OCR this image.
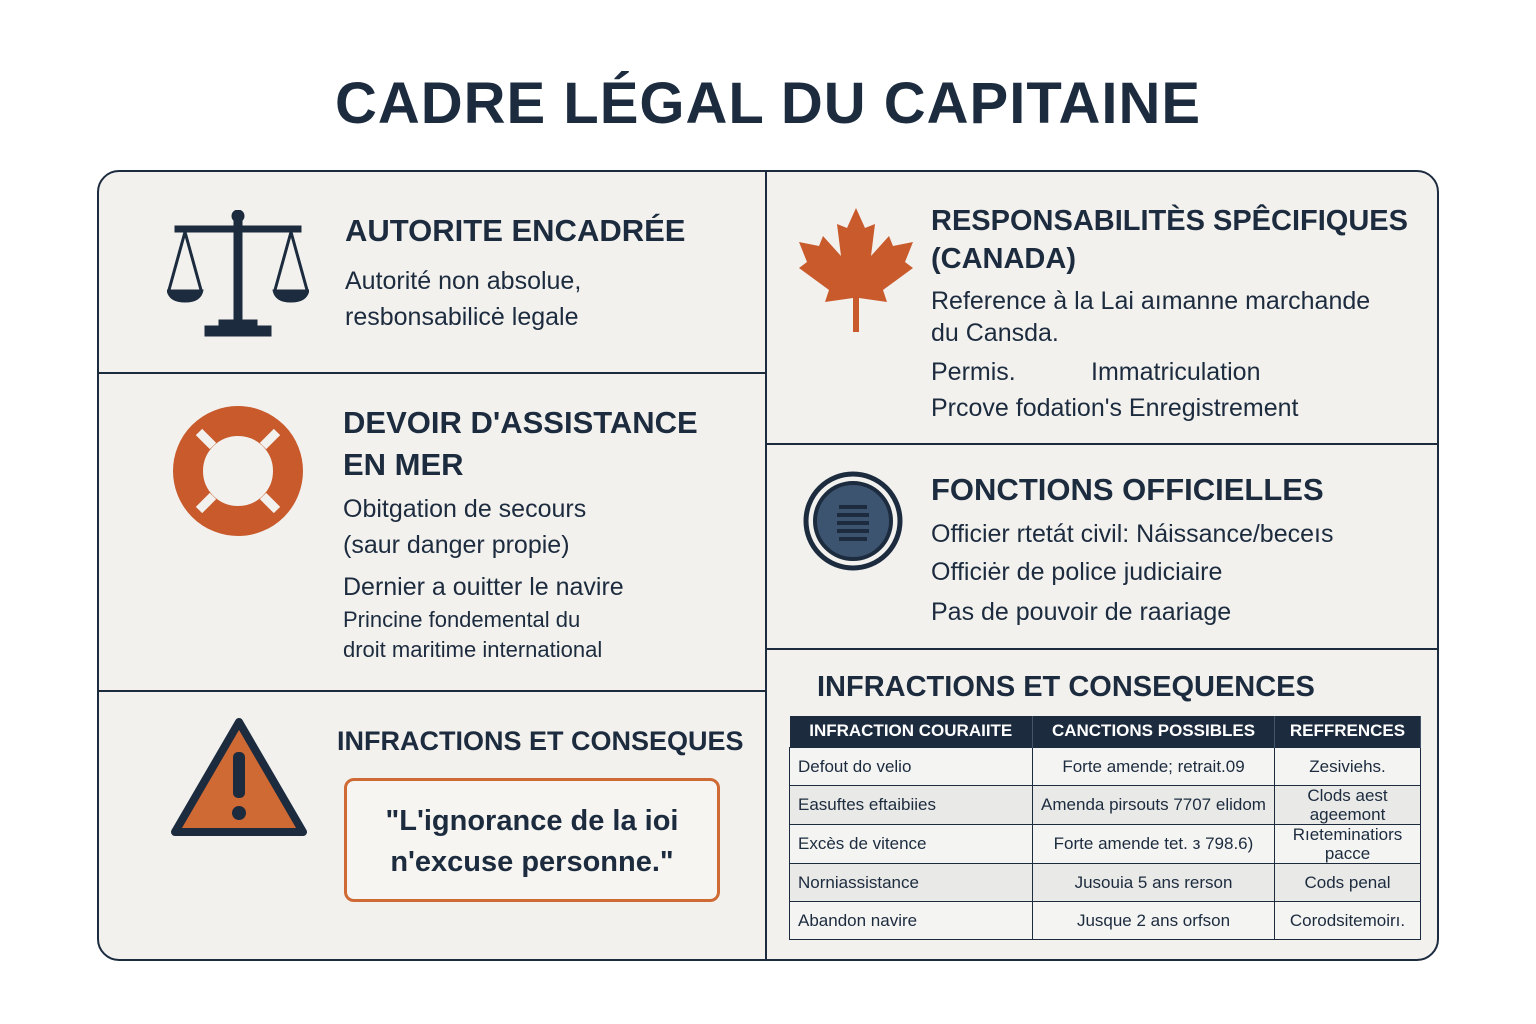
CADRE LÉGAL DU CAPITAINE
AUTORITE ENCADRÉE
Autorité non absolue,
resbonsabilicė legale
DEVOIR D'ASSISTANCE
EN MER
Obitgation de secours
(saur danger propie)
Dernier a ouitter le navire
Princine fondemental du
droit maritime international
INFRACTIONS ET CONSEQUES
"L'ignorance de la ioi
n'excuse personne."
RESPONSABILITÈS SPÊCIFIQUES
(CANADA)
Reference à la Lai aımanne marchande
du Cansda.
Permis.	Immatriculation
Prcove fodation's Enregistrement
FONCTIONS OFFICIELLES
Officier rtetát civil: Náissance/beceıs
Officiėr de police judiciaire
Pas de pouvoir de raariage
INFRACTIONS ET CONSEQUENCES
INFRACTION COURAIITE	CANCTIONS POSSIBLES	REFFRENCES
Defout do velio	Forte amende; retrait.09	Zesiviehs.
Easuftes eftaibiies	Amenda pirsouts 7707 elidom	Clods aest ageemont
Excès de vitence	Forte amende tet. з 798.6)	Rıeteminatiors pacce
Norniassistance	Jusouia 5 ans rerson	Cods penal
Abandon navire	Jusque 2 ans orfson	Corodsitemoirı.
